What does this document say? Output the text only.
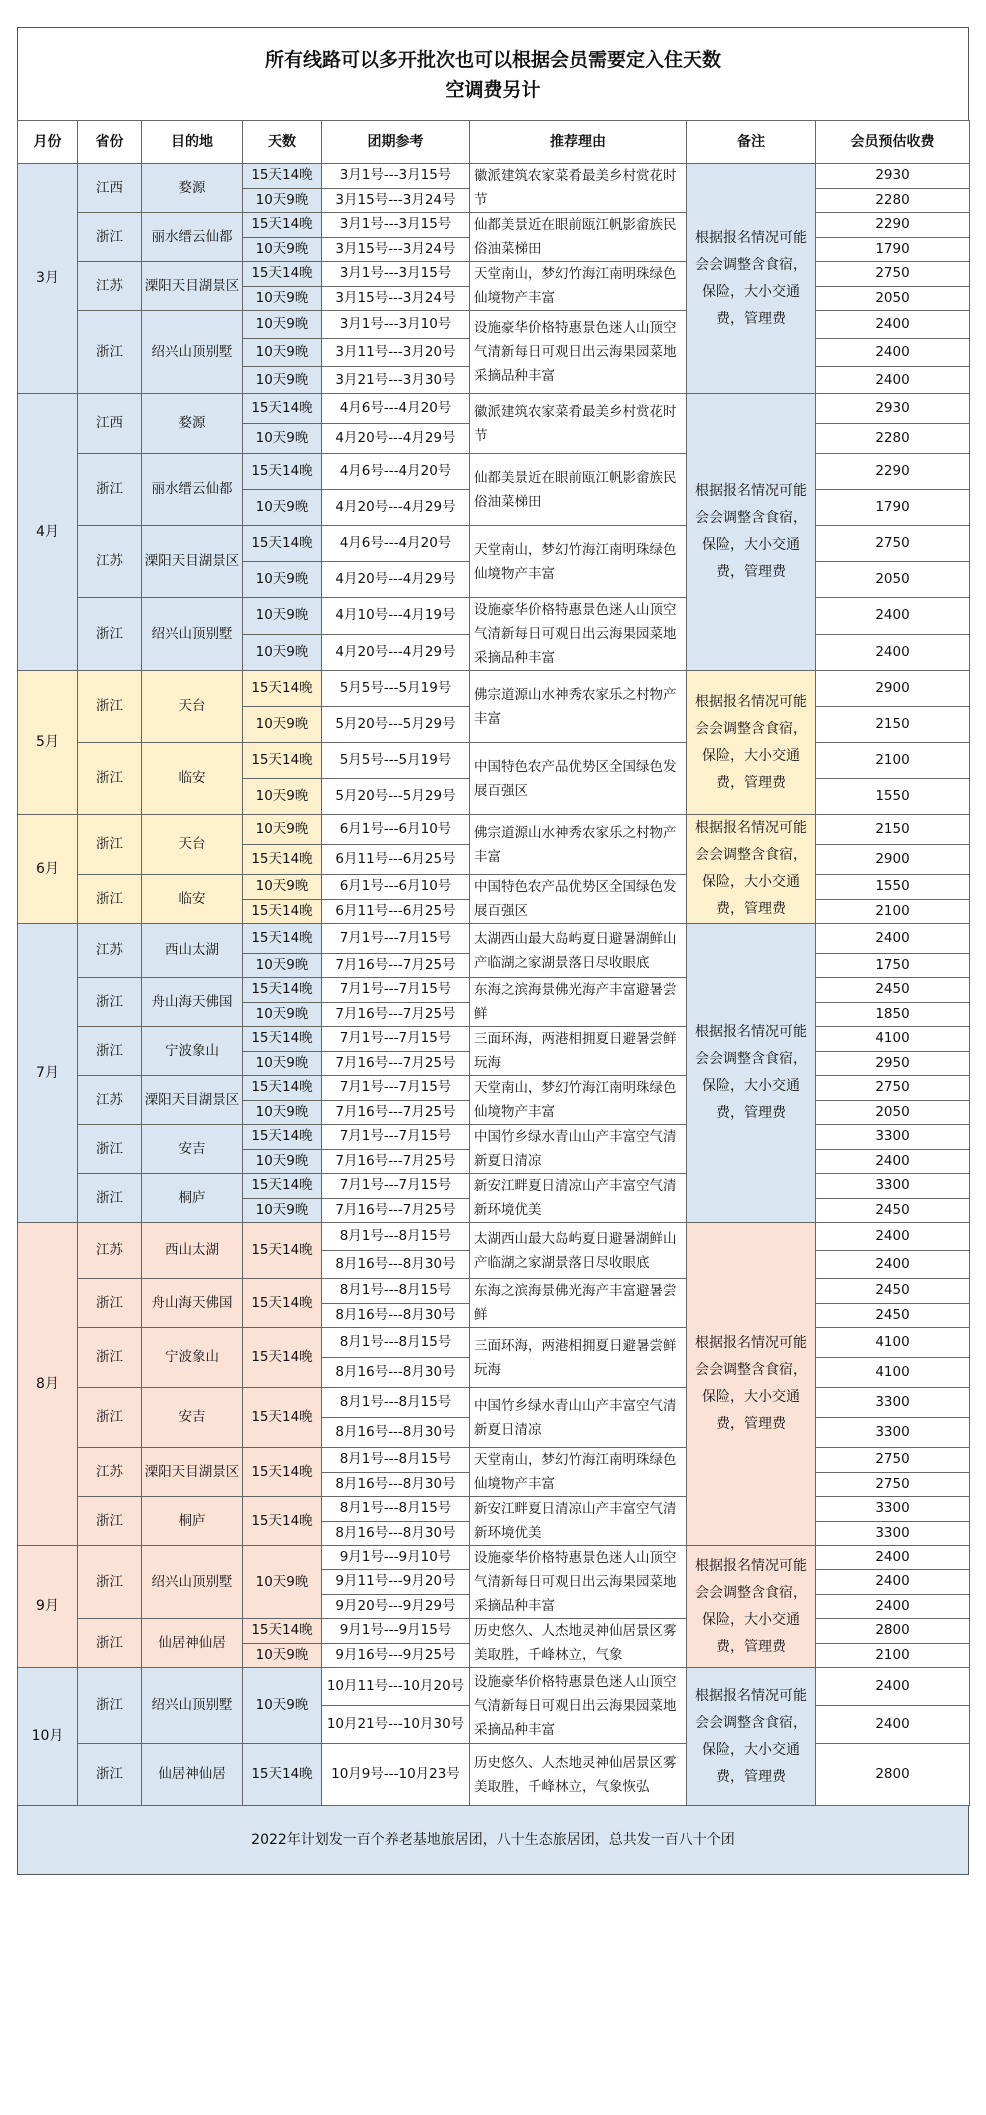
所有线路可以多开批次也可以根据会员需要定入住天数
空调费另计
月份	省份	目的地	天数	团期参考	推荐理由	备注	会员预估收费
3月	江西	婺源	15天14晚	3月1号---3月15号	徽派建筑农家菜肴最美乡村赏花时节	根据报名情况可能会会调整含食宿，保险，大小交通费，管理费	2930
			10天9晚	3月15号---3月24号			2280
	浙江	丽水缙云仙都	15天14晚	3月1号---3月15号	仙都美景近在眼前瓯江帆影畲族民俗油菜梯田		2290
			10天9晚	3月15号---3月24号			1790
	江苏	溧阳天目湖景区	15天14晚	3月1号---3月15号	天堂南山，梦幻竹海江南明珠绿色仙境物产丰富		2750
			10天9晚	3月15号---3月24号			2050
	浙江	绍兴山顶别墅	10天9晚	3月1号---3月10号	设施豪华价格特惠景色迷人山顶空气清新每日可观日出云海果园菜地采摘品种丰富		2400
			10天9晚	3月11号---3月20号			2400
			10天9晚	3月21号---3月30号			2400
4月	江西	婺源	15天14晚	4月6号---4月20号	徽派建筑农家菜肴最美乡村赏花时节	根据报名情况可能会会调整含食宿，保险，大小交通费，管理费	2930
			10天9晚	4月20号---4月29号			2280
	浙江	丽水缙云仙都	15天14晚	4月6号---4月20号	仙都美景近在眼前瓯江帆影畲族民俗油菜梯田		2290
			10天9晚	4月20号---4月29号			1790
	江苏	溧阳天目湖景区	15天14晚	4月6号---4月20号	天堂南山，梦幻竹海江南明珠绿色仙境物产丰富		2750
			10天9晚	4月20号---4月29号			2050
	浙江	绍兴山顶别墅	10天9晚	4月10号---4月19号	设施豪华价格特惠景色迷人山顶空气清新每日可观日出云海果园菜地采摘品种丰富		2400
			10天9晚	4月20号---4月29号			2400
5月	浙江	天台	15天14晚	5月5号---5月19号	佛宗道源山水神秀农家乐之村物产丰富	根据报名情况可能会会调整含食宿，保险，大小交通费，管理费	2900
			10天9晚	5月20号---5月29号			2150
	浙江	临安	15天14晚	5月5号---5月19号	中国特色农产品优势区全国绿色发展百强区		2100
			10天9晚	5月20号---5月29号			1550
6月	浙江	天台	10天9晚	6月1号---6月10号	佛宗道源山水神秀农家乐之村物产丰富	根据报名情况可能会会调整含食宿，保险，大小交通费，管理费	2150
			15天14晚	6月11号---6月25号			2900
	浙江	临安	10天9晚	6月1号---6月10号	中国特色农产品优势区全国绿色发展百强区		1550
			15天14晚	6月11号---6月25号			2100
7月	江苏	西山太湖	15天14晚	7月1号---7月15号	太湖西山最大岛屿夏日避暑湖鲜山产临湖之家湖景落日尽收眼底	根据报名情况可能会会调整含食宿，保险，大小交通费，管理费	2400
			10天9晚	7月16号---7月25号			1750
	浙江	舟山海天佛国	15天14晚	7月1号---7月15号	东海之滨海景佛光海产丰富避暑尝鲜		2450
			10天9晚	7月16号---7月25号			1850
	浙江	宁波象山	15天14晚	7月1号---7月15号	三面环海，两港相拥夏日避暑尝鲜玩海		4100
			10天9晚	7月16号---7月25号			2950
	江苏	溧阳天目湖景区	15天14晚	7月1号---7月15号	天堂南山，梦幻竹海江南明珠绿色仙境物产丰富		2750
			10天9晚	7月16号---7月25号			2050
	浙江	安吉	15天14晚	7月1号---7月15号	中国竹乡绿水青山山产丰富空气清新夏日清凉		3300
			10天9晚	7月16号---7月25号			2400
	浙江	桐庐	15天14晚	7月1号---7月15号	新安江畔夏日清凉山产丰富空气清新环境优美		3300
			10天9晚	7月16号---7月25号			2450
8月	江苏	西山太湖	15天14晚	8月1号---8月15号	太湖西山最大岛屿夏日避暑湖鲜山产临湖之家湖景落日尽收眼底	根据报名情况可能会会调整含食宿，保险，大小交通费，管理费	2400
				8月16号---8月30号			2400
	浙江	舟山海天佛国	15天14晚	8月1号---8月15号	东海之滨海景佛光海产丰富避暑尝鲜		2450
				8月16号---8月30号			2450
	浙江	宁波象山	15天14晚	8月1号---8月15号	三面环海，两港相拥夏日避暑尝鲜玩海		4100
				8月16号---8月30号			4100
	浙江	安吉	15天14晚	8月1号---8月15号	中国竹乡绿水青山山产丰富空气清新夏日清凉		3300
				8月16号---8月30号			3300
	江苏	溧阳天目湖景区	15天14晚	8月1号---8月15号	天堂南山，梦幻竹海江南明珠绿色仙境物产丰富		2750
				8月16号---8月30号			2750
	浙江	桐庐	15天14晚	8月1号---8月15号	新安江畔夏日清凉山产丰富空气清新环境优美		3300
				8月16号---8月30号			3300
9月	浙江	绍兴山顶别墅	10天9晚	9月1号---9月10号	设施豪华价格特惠景色迷人山顶空气清新每日可观日出云海果园菜地采摘品种丰富	根据报名情况可能会会调整含食宿，保险，大小交通费，管理费	2400
				9月11号---9月20号			2400
				9月20号---9月29号			2400
	浙江	仙居神仙居	15天14晚	9月1号---9月15号	历史悠久、人杰地灵神仙居景区雾美取胜，千峰林立，气象		2800
			10天9晚	9月16号---9月25号			2100
10月	浙江	绍兴山顶别墅	10天9晚	10月11号---10月20号	设施豪华价格特惠景色迷人山顶空气清新每日可观日出云海果园菜地采摘品种丰富	根据报名情况可能会会调整含食宿，保险，大小交通费，管理费	2400
				10月21号---10月30号			2400
	浙江	仙居神仙居	15天14晚	10月9号---10月23号	历史悠久、人杰地灵神仙居景区雾美取胜，千峰林立，气象恢弘		2800
2022年计划发一百个养老基地旅居团，八十生态旅居团，总共发一百八十个团
